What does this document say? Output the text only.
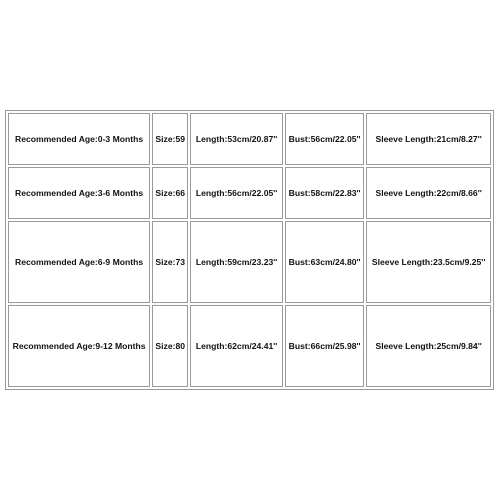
Recommended Age:0-3 Months	Size:59	Length:53cm/20.87''	Bust:56cm/22.05''	Sleeve Length:21cm/8.27''
Recommended Age:3-6 Months	Size:66	Length:56cm/22.05''	Bust:58cm/22.83''	Sleeve Length:22cm/8.66''
Recommended Age:6-9 Months	Size:73	Length:59cm/23.23''	Bust:63cm/24.80''	Sleeve Length:23.5cm/9.25''
Recommended Age:9-12 Months	Size:80	Length:62cm/24.41''	Bust:66cm/25.98''	Sleeve Length:25cm/9.84''
